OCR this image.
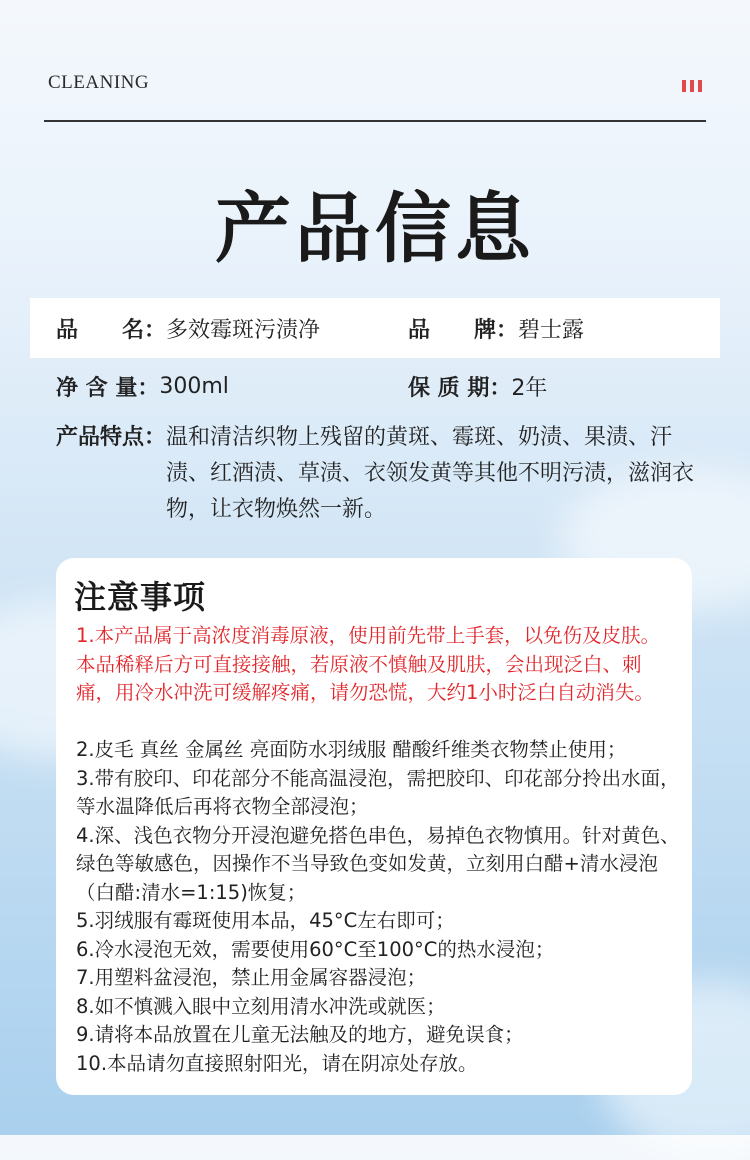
CLEANING
产品信息
品　　名： 多效霉斑污渍净	品　　牌： 碧士露
净 含 量： 300ml	保 质 期： 2年
产品特点： 温和清洁织物上残留的黄斑、霉斑、奶渍、果渍、汗渍、红酒渍、草渍、衣领发黄等其他不明污渍，滋润衣物，让衣物焕然一新。
注意事项
1.本产品属于高浓度消毒原液，使用前先带上手套，以免伤及皮肤。本品稀释后方可直接接触，若原液不慎触及肌肤，会出现泛白、刺痛，用冷水冲洗可缓解疼痛，请勿恐慌，大约1小时泛白自动消失。
2.皮毛 真丝 金属丝 亮面防水羽绒服 醋酸纤维类衣物禁止使用；
3.带有胶印、印花部分不能高温浸泡，需把胶印、印花部分拎出水面，等水温降低后再将衣物全部浸泡；
4.深、浅色衣物分开浸泡避免搭色串色，易掉色衣物慎用。针对黄色、绿色等敏感色，因操作不当导致色变如发黄，立刻用白醋+清水浸泡（白醋:清水=1:15)恢复；
5.羽绒服有霉斑使用本品，45°C左右即可；
6.冷水浸泡无效，需要使用60°C至100°C的热水浸泡；
7.用塑料盆浸泡，禁止用金属容器浸泡；
8.如不慎溅入眼中立刻用清水冲洗或就医；
9.请将本品放置在儿童无法触及的地方，避免误食；
10.本品请勿直接照射阳光，请在阴凉处存放。
